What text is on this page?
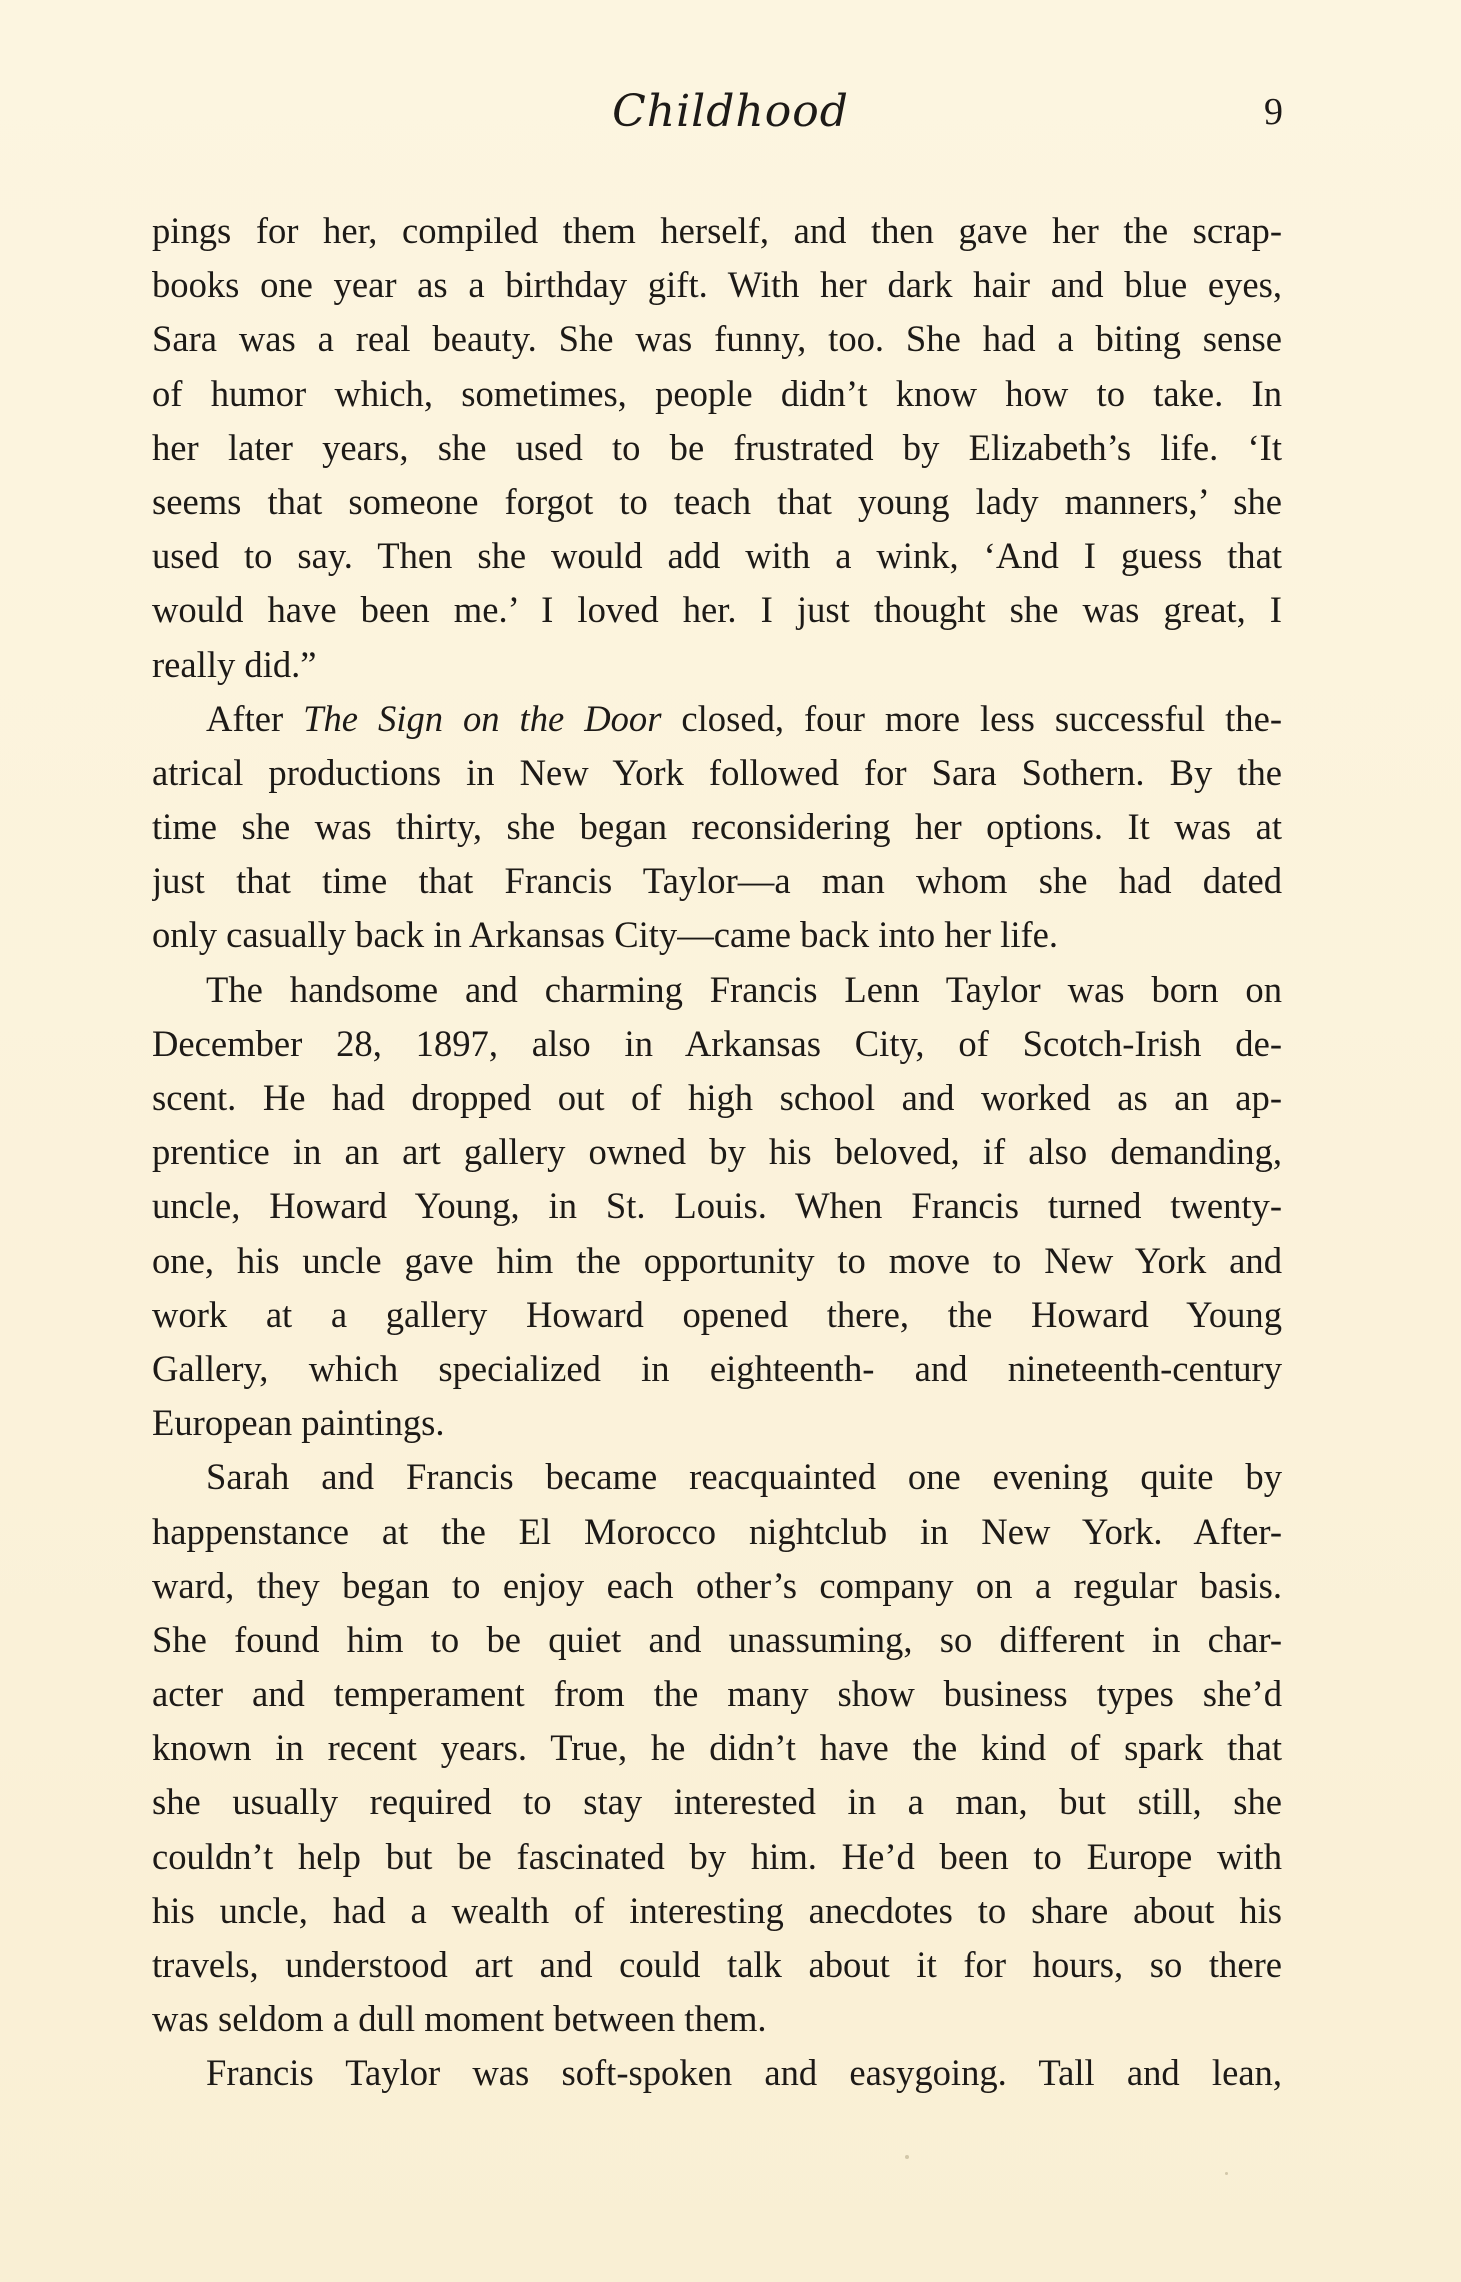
Childhood	9

pings for her, compiled them herself, and then gave her the scrap-
books one year as a birthday gift. With her dark hair and blue eyes,
Sara was a real beauty. She was funny, too. She had a biting sense
of humor which, sometimes, people didn’t know how to take. In
her later years, she used to be frustrated by Elizabeth’s life. ‘It
seems that someone forgot to teach that young lady manners,’ she
used to say. Then she would add with a wink, ‘And I guess that
would have been me.’ I loved her. I just thought she was great, I
really did.”

After The Sign on the Door closed, four more less successful the-
atrical productions in New York followed for Sara Sothern. By the
time she was thirty, she began reconsidering her options. It was at
just that time that Francis Taylor—a man whom she had dated
only casually back in Arkansas City—came back into her life.

The handsome and charming Francis Lenn Taylor was born on
December 28, 1897, also in Arkansas City, of Scotch-Irish de-
scent. He had dropped out of high school and worked as an ap-
prentice in an art gallery owned by his beloved, if also demanding,
uncle, Howard Young, in St. Louis. When Francis turned twenty-
one, his uncle gave him the opportunity to move to New York and
work at a gallery Howard opened there, the Howard Young
Gallery, which specialized in eighteenth- and nineteenth-century
European paintings.

Sarah and Francis became reacquainted one evening quite by
happenstance at the El Morocco nightclub in New York. After-
ward, they began to enjoy each other’s company on a regular basis.
She found him to be quiet and unassuming, so different in char-
acter and temperament from the many show business types she’d
known in recent years. True, he didn’t have the kind of spark that
she usually required to stay interested in a man, but still, she
couldn’t help but be fascinated by him. He’d been to Europe with
his uncle, had a wealth of interesting anecdotes to share about his
travels, understood art and could talk about it for hours, so there
was seldom a dull moment between them.

Francis Taylor was soft-spoken and easygoing. Tall and lean,
